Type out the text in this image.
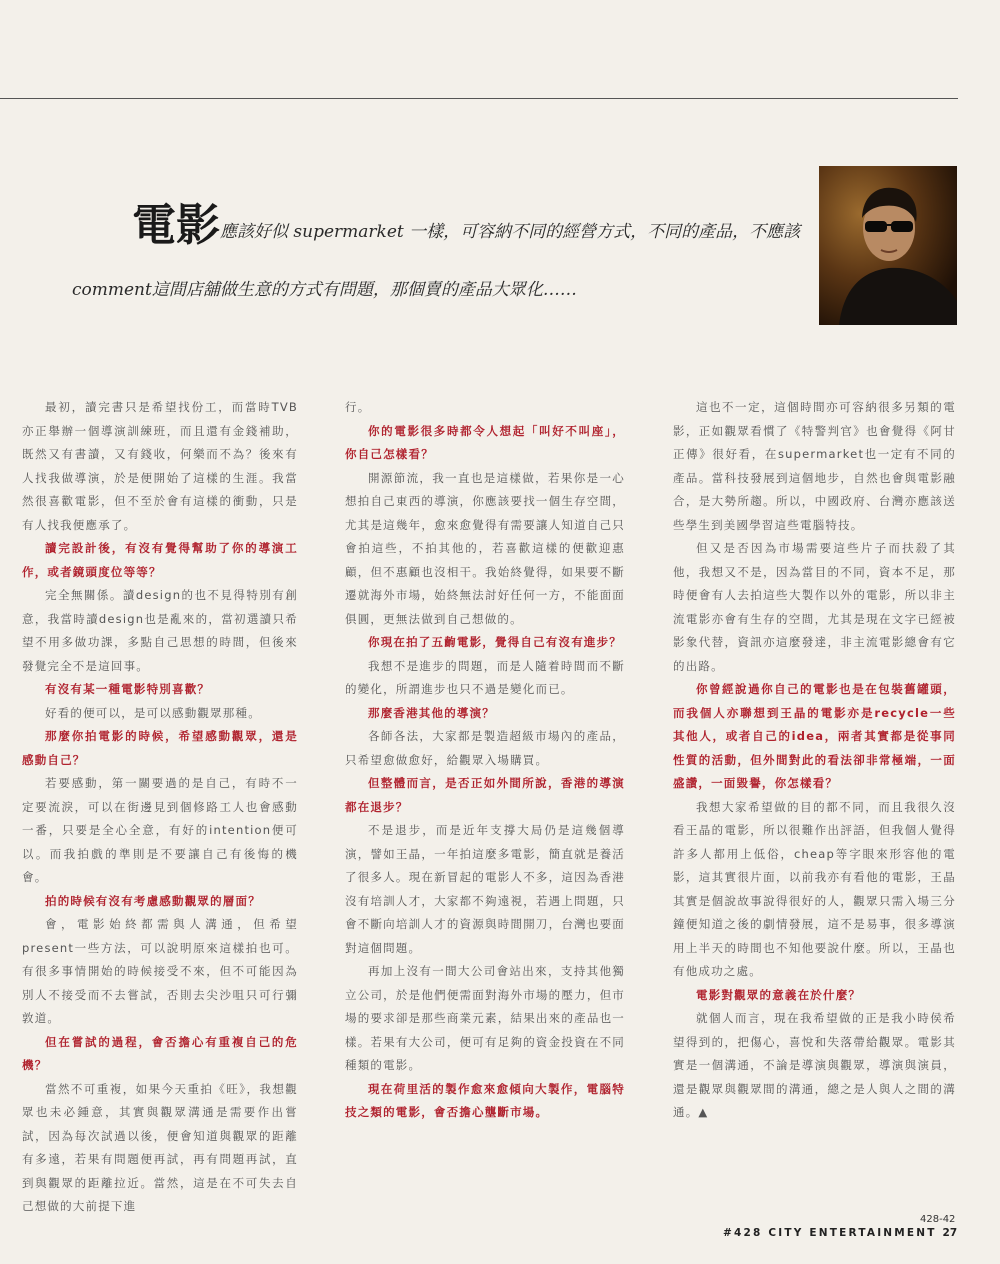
電影應該好似 supermarket 一樣，可容納不同的經營方式，不同的產品，不應該 comment這間店舖做生意的方式有問題，那個賣的產品大眾化……

最初，讀完書只是希望找份工，而當時TVB亦正舉辦一個導演訓練班，而且還有金錢補助，既然又有書讀，又有錢收，何樂而不為？後來有人找我做導演，於是便開始了這樣的生涯。我當然很喜歡電影，但不至於會有這樣的衝動，只是有人找我便應承了。

讀完設計後，有沒有覺得幫助了你的導演工作，或者鏡頭度位等等？

完全無關係。讀design的也不見得特別有創意，我當時讀design也是亂來的，當初選讀只希望不用多做功課，多點自己思想的時間，但後來發覺完全不是這回事。

有沒有某一種電影特別喜歡？

好看的便可以，是可以感動觀眾那種。

那麼你拍電影的時候，希望感動觀眾，還是感動自己？

若要感動，第一關要過的是自己，有時不一定要流淚，可以在街邊見到個修路工人也會感動一番，只要是全心全意，有好的intention便可以。而我拍戲的準則是不要讓自己有後悔的機會。

拍的時候有沒有考慮感動觀眾的層面？

會，電影始終都需與人溝通，但希望present一些方法，可以說明原來這樣拍也可。有很多事情開始的時候接受不來，但不可能因為別人不接受而不去嘗試，否則去尖沙咀只可行彌敦道。

但在嘗試的過程，會否擔心有重複自己的危機？

當然不可重複，如果今天重拍《旺》，我想觀眾也未必鍾意，其實與觀眾溝通是需要作出嘗試，因為每次試過以後，便會知道與觀眾的距離有多遠，若果有問題便再試，再有問題再試，直到與觀眾的距離拉近。當然，這是在不可失去自己想做的大前提下進

行。

你的電影很多時都令人想起「叫好不叫座」，你自己怎樣看？

開源節流，我一直也是這樣做，若果你是一心想拍自己東西的導演，你應該要找一個生存空間，尤其是這幾年，愈來愈覺得有需要讓人知道自己只會拍這些，不拍其他的，若喜歡這樣的便歡迎惠顧，但不惠顧也沒相干。我始終覺得，如果要不斷遷就海外市場，始終無法討好任何一方，不能面面俱圓，更無法做到自己想做的。

你現在拍了五齣電影，覺得自己有沒有進步？

我想不是進步的問題，而是人隨着時間而不斷的變化，所謂進步也只不過是變化而已。

那麼香港其他的導演？

各師各法，大家都是製造超級市場內的產品，只希望愈做愈好，給觀眾入場購買。

但整體而言，是否正如外間所說，香港的導演都在退步？

不是退步，而是近年支撐大局仍是這幾個導演，譬如王晶，一年拍這麼多電影，簡直就是養活了很多人。現在新冒起的電影人不多，這因為香港沒有培訓人才，大家都不夠遠視，若遇上問題，只會不斷向培訓人才的資源與時間開刀，台灣也要面對這個問題。

再加上沒有一間大公司會站出來，支持其他獨立公司，於是他們便需面對海外市場的壓力，但市場的要求卻是那些商業元素，結果出來的產品也一樣。若果有大公司，便可有足夠的資金投資在不同種類的電影。

現在荷里活的製作愈來愈傾向大製作，電腦特技之類的電影，會否擔心壟斷市場。

這也不一定，這個時間亦可容納很多另類的電影，正如觀眾看慣了《特警判官》也會覺得《阿甘正傳》很好看，在supermarket也一定有不同的產品。當科技發展到這個地步，自然也會與電影融合，是大勢所趨。所以，中國政府、台灣亦應該送些學生到美國學習這些電腦特技。

但又是否因為市場需要這些片子而扶殺了其他，我想又不是，因為當目的不同，資本不足，那時便會有人去拍這些大製作以外的電影，所以非主流電影亦會有生存的空間，尤其是現在文字已經被影象代替，資訊亦這麼發達，非主流電影總會有它的出路。

你曾經說過你自己的電影也是在包裝舊罐頭，而我個人亦聯想到王晶的電影亦是recycle一些其他人，或者自己的idea，兩者其實都是從事同性質的活動，但外間對此的看法卻非常極端，一面盛讚，一面毀譽，你怎樣看？

我想大家希望做的目的都不同，而且我很久沒看王晶的電影，所以很難作出評語，但我個人覺得許多人都用上低俗，cheap等字眼來形容他的電影，這其實很片面，以前我亦有看他的電影，王晶其實是個說故事說得很好的人，觀眾只需入場三分鐘便知道之後的劇情發展，這不是易事，很多導演用上半天的時間也不知他要說什麼。所以，王晶也有他成功之處。

電影對觀眾的意義在於什麼？

就個人而言，現在我希望做的正是我小時侯希望得到的，把傷心，喜悅和失落帶給觀眾。電影其實是一個溝通，不論是導演與觀眾，導演與演員，還是觀眾與觀眾間的溝通，總之是人與人之間的溝通。▲

428-42
#428 CITY ENTERTAINMENT 27
